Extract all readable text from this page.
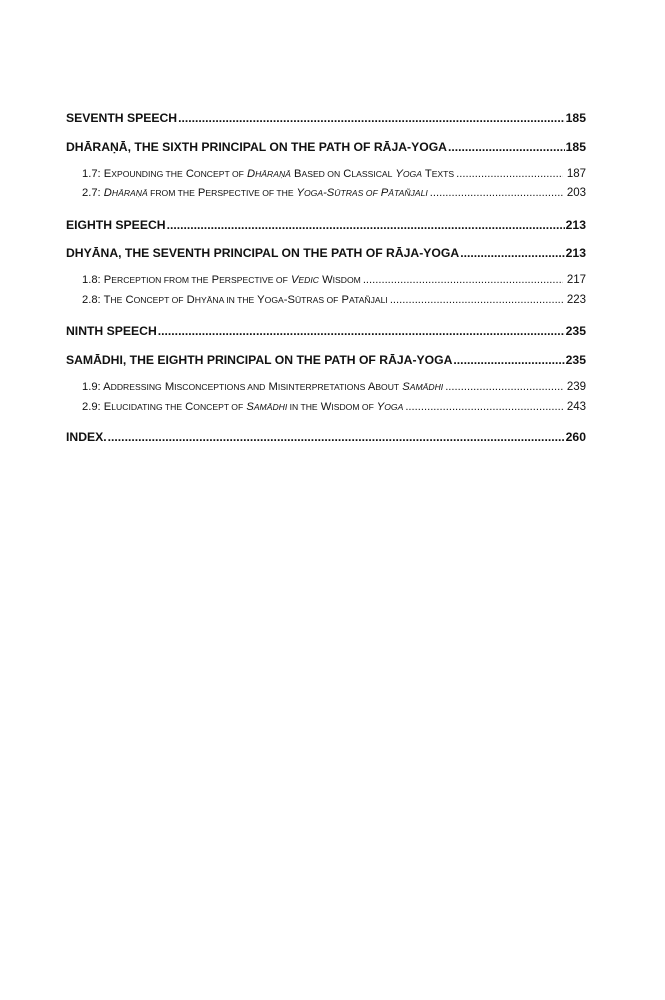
SEVENTH SPEECH .....	185
DHĀRAṆĀ, THE SIXTH PRINCIPAL ON THE PATH OF RĀJA-YOGA .....	185
1.7: EXPOUNDING THE CONCEPT OF DHĀRAṆĀ BASED ON CLASSICAL YOGA TEXTS .....	187
2.7: DHĀRAṆĀ FROM THE PERSPECTIVE OF THE YOGA-SŪTRAS OF PĀTAÑJALI .....	203
EIGHTH SPEECH .....	213
DHYĀNA, THE SEVENTH PRINCIPAL ON THE PATH OF RĀJA-YOGA .....	213
1.8: PERCEPTION FROM THE PERSPECTIVE OF VEDIC WISDOM .....	217
2.8: THE CONCEPT OF DHYĀNA IN THE YOGA-SŪTRAS OF PATAÑJALI .....	223
NINTH SPEECH .....	235
SAMĀDHI, THE EIGHTH PRINCIPAL ON THE PATH OF RĀJA-YOGA .....	235
1.9: ADDRESSING MISCONCEPTIONS AND MISINTERPRETATIONS ABOUT SAMĀDHI .....	239
2.9: ELUCIDATING THE CONCEPT OF SAMĀDHI IN THE WISDOM OF YOGA .....	243
INDEX. .....	260
